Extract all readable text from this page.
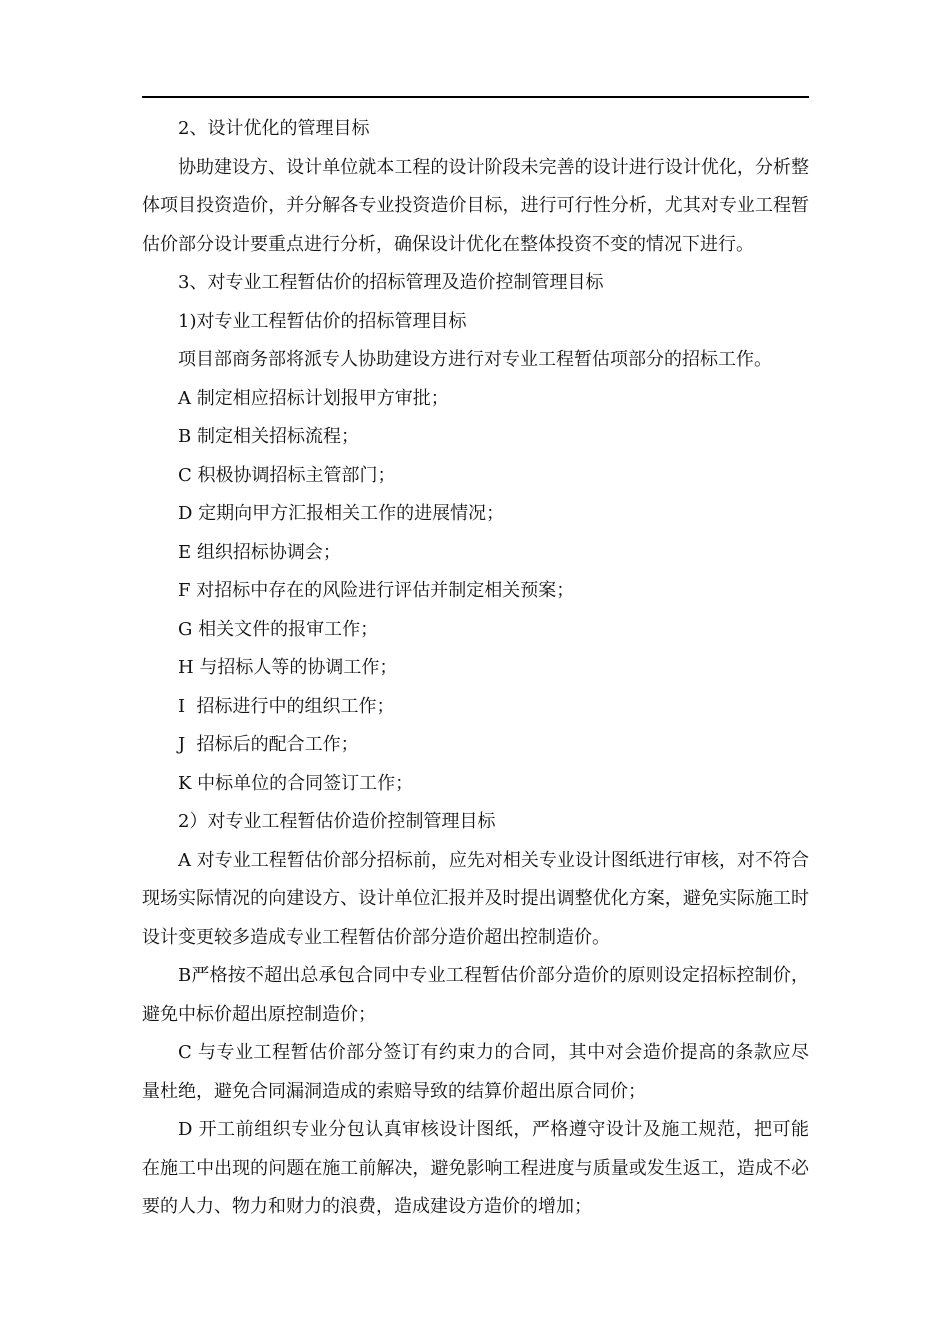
2、设计优化的管理目标

协助建设方、设计单位就本工程的设计阶段未完善的设计进行设计优化，分析整体项目投资造价，并分解各专业投资造价目标，进行可行性分析，尤其对专业工程暂估价部分设计要重点进行分析，确保设计优化在整体投资不变的情况下进行。

3、对专业工程暂估价的招标管理及造价控制管理目标

1)对专业工程暂估价的招标管理目标

项目部商务部将派专人协助建设方进行对专业工程暂估项部分的招标工作。

A 制定相应招标计划报甲方审批；

B 制定相关招标流程；

C 积极协调招标主管部门；

D 定期向甲方汇报相关工作的进展情况；

E 组织招标协调会；

F 对招标中存在的风险进行评估并制定相关预案；

G 相关文件的报审工作；

H 与招标人等的协调工作；

I  招标进行中的组织工作；

J  招标后的配合工作；

K 中标单位的合同签订工作；

2）对专业工程暂估价造价控制管理目标

A 对专业工程暂估价部分招标前，应先对相关专业设计图纸进行审核，对不符合现场实际情况的向建设方、设计单位汇报并及时提出调整优化方案，避免实际施工时设计变更较多造成专业工程暂估价部分造价超出控制造价。

B严格按不超出总承包合同中专业工程暂估价部分造价的原则设定招标控制价，避免中标价超出原控制造价；

C 与专业工程暂估价部分签订有约束力的合同，其中对会造价提高的条款应尽量杜绝，避免合同漏洞造成的索赔导致的结算价超出原合同价；

D 开工前组织专业分包认真审核设计图纸，严格遵守设计及施工规范，把可能在施工中出现的问题在施工前解决，避免影响工程进度与质量或发生返工，造成不必要的人力、物力和财力的浪费，造成建设方造价的增加；
